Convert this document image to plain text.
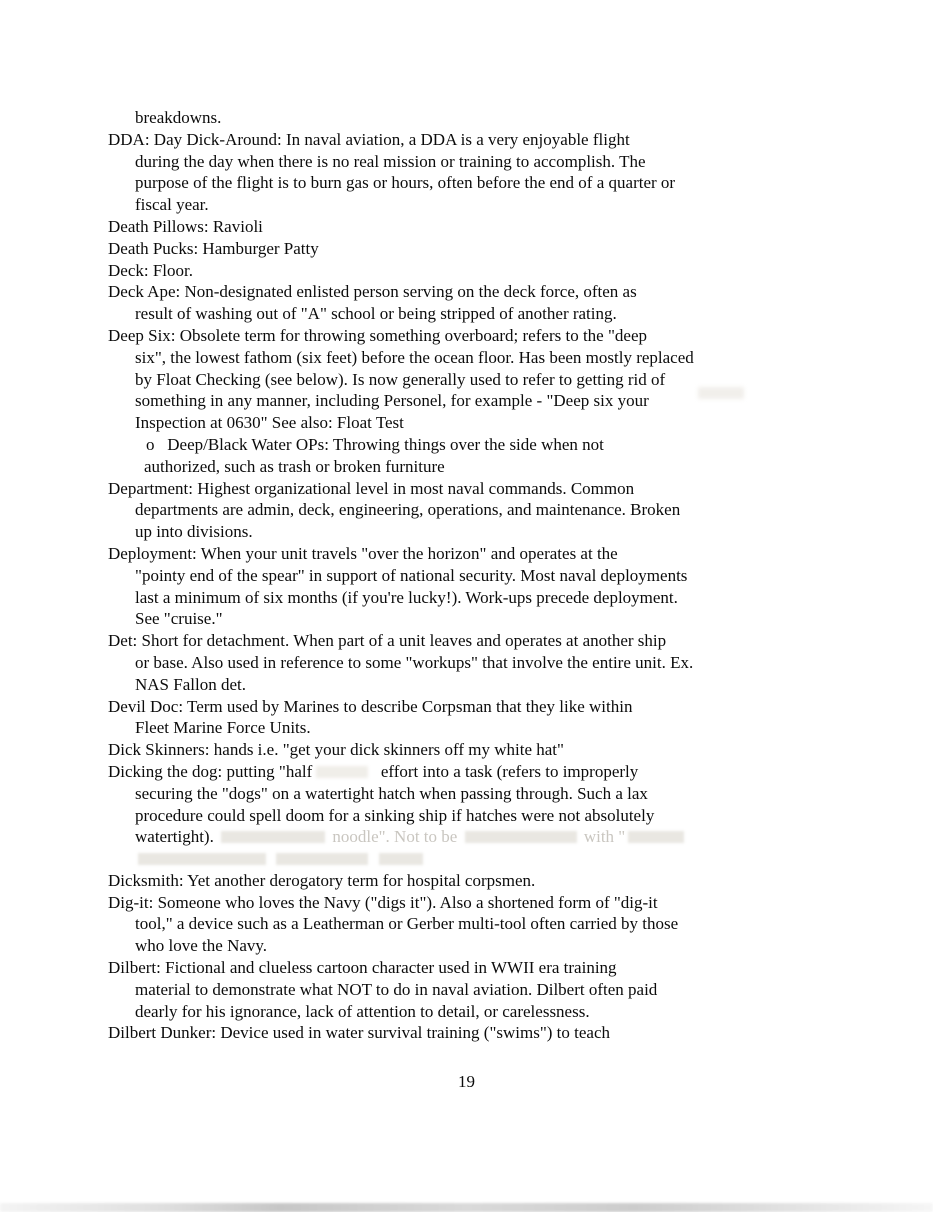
breakdowns.
DDA: Day Dick-Around: In naval aviation, a DDA is a very enjoyable flight
during the day when there is no real mission or training to accomplish. The
purpose of the flight is to burn gas or hours, often before the end of a quarter or
fiscal year.
Death Pillows: Ravioli
Death Pucks: Hamburger Patty
Deck: Floor.
Deck Ape: Non-designated enlisted person serving on the deck force, often as
result of washing out of "A" school or being stripped of another rating.
Deep Six: Obsolete term for throwing something overboard; refers to the "deep
six", the lowest fathom (six feet) before the ocean floor. Has been mostly replaced
by Float Checking (see below). Is now generally used to refer to getting rid of
something in any manner, including Personel, for example - "Deep six your
Inspection at 0630" See also: Float Test
o   Deep/Black Water OPs: Throwing things over the side when not
authorized, such as trash or broken furniture
Department: Highest organizational level in most naval commands. Common
departments are admin, deck, engineering, operations, and maintenance. Broken
up into divisions.
Deployment: When your unit travels "over the horizon" and operates at the
"pointy end of the spear" in support of national security. Most naval deployments
last a minimum of six months (if you're lucky!). Work-ups precede deployment.
See "cruise."
Det: Short for detachment. When part of a unit leaves and operates at another ship
or base. Also used in reference to some "workups" that involve the entire unit. Ex.
NAS Fallon det.
Devil Doc: Term used by Marines to describe Corpsman that they like within
Fleet Marine Force Units.
Dick Skinners: hands i.e. "get your dick skinners off my white hat"
Dicking the dog: putting "half	effort into a task (refers to improperly
securing the "dogs" on a watertight hatch when passing through. Such a lax
procedure could spell doom for a sinking ship if hatches were not absolutely
watertight).	noodle". Not to be	with "

Dicksmith: Yet another derogatory term for hospital corpsmen.
Dig-it: Someone who loves the Navy ("digs it"). Also a shortened form of "dig-it
tool," a device such as a Leatherman or Gerber multi-tool often carried by those
who love the Navy.
Dilbert: Fictional and clueless cartoon character used in WWII era training
material to demonstrate what NOT to do in naval aviation. Dilbert often paid
dearly for his ignorance, lack of attention to detail, or carelessness.
Dilbert Dunker: Device used in water survival training ("swims") to teach
19
